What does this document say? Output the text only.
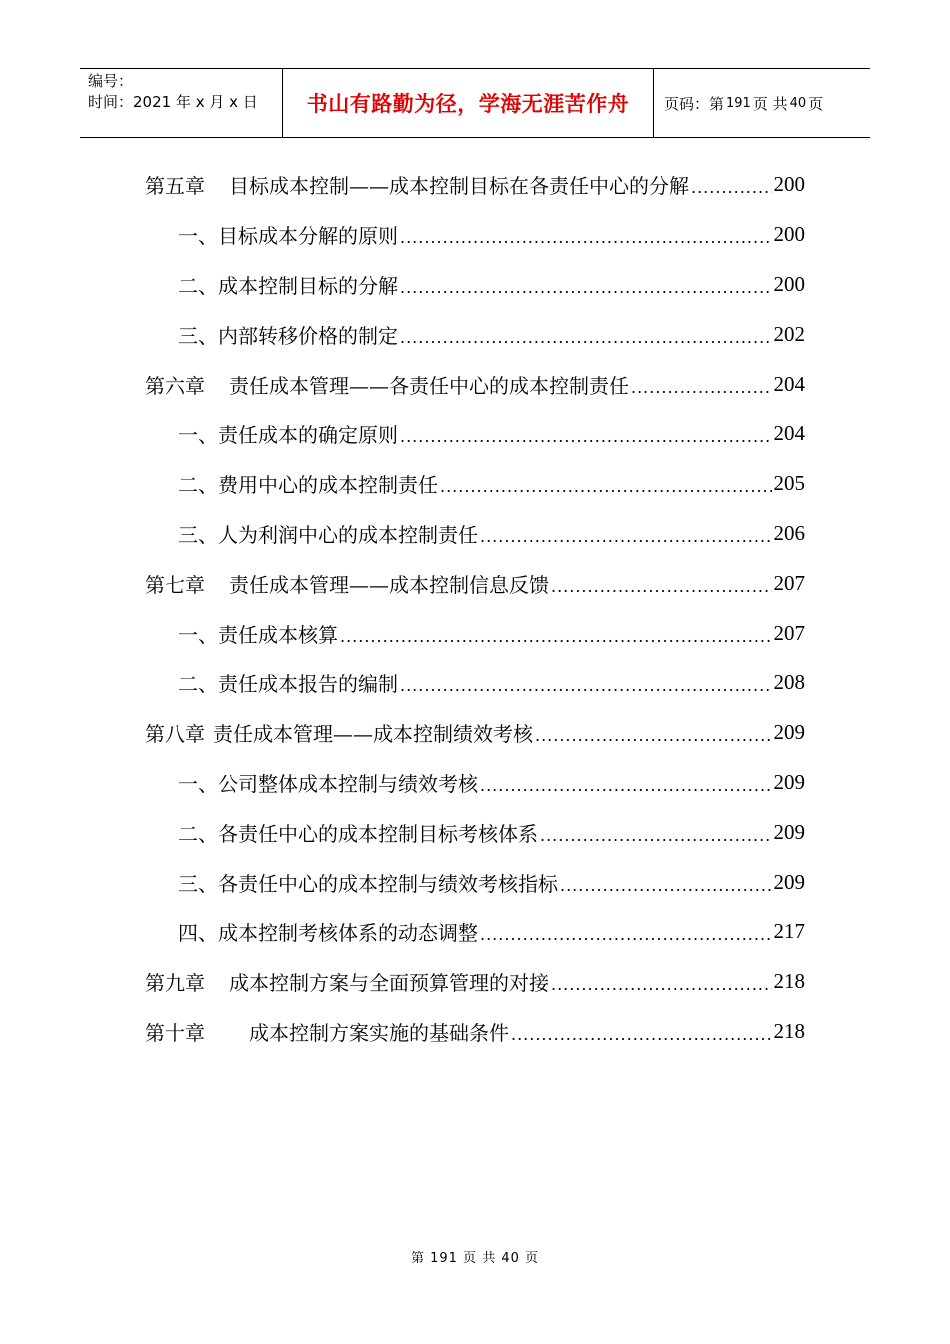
编号：
时间：2021 年 x 月 x 日	书山有路勤为径，学海无涯苦作舟 页码：第 191 页 共 40 页
第五章 目标成本控制——成本控制目标在各责任中心的分解 .....	200
一、目标成本分解的原则 .....	200
二、成本控制目标的分解 .....	200
三、内部转移价格的制定 .....	202
第六章 责任成本管理——各责任中心的成本控制责任 .....	204
一、责任成本的确定原则 .....	204
二、费用中心的成本控制责任 .....	205
三、人为利润中心的成本控制责任 .....	206
第七章 责任成本管理——成本控制信息反馈 .....	207
一、责任成本核算 .....	207
二、责任成本报告的编制 .....	208
第八章 责任成本管理——成本控制绩效考核 .....	209
一、公司整体成本控制与绩效考核 .....	209
二、各责任中心的成本控制目标考核体系 .....	209
三、各责任中心的成本控制与绩效考核指标 .....	209
四、成本控制考核体系的动态调整 .....	217
第九章 成本控制方案与全面预算管理的对接 .....	218
第十章 成本控制方案实施的基础条件 .....	218
第 191 页 共 40 页
